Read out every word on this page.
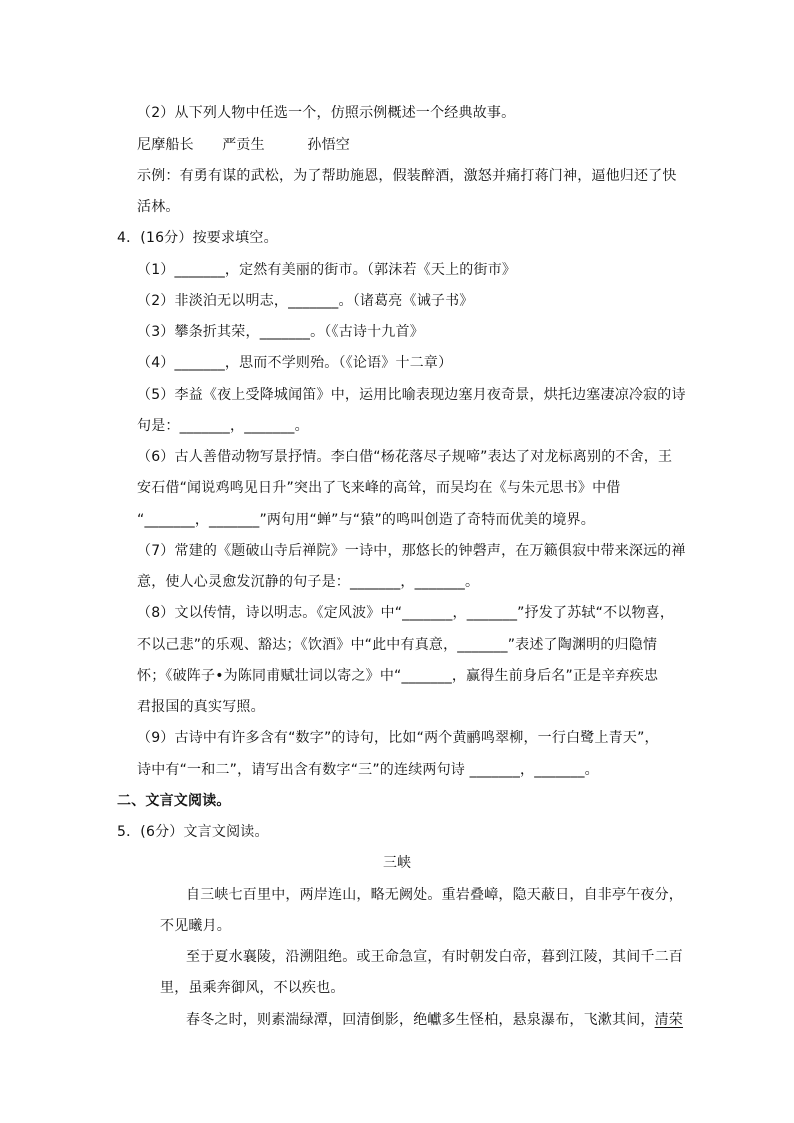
（2）从下列人物中任选一个，仿照示例概述一个经典故事。
尼摩船长　　严贡生　　　孙悟空
示例：有勇有谋的武松，为了帮助施恩，假装醉酒，激怒并痛打蒋门神，逼他归还了快
活林。
4．(16分）按要求填空。
（1）_______，定然有美丽的街市。（郭沫若《天上的街市》
（2）非淡泊无以明志，_______。（诸葛亮《诫子书》
（3）攀条折其荣，_______。（《古诗十九首》
（4）_______，思而不学则殆。（《论语》十二章）
（5）李益《夜上受降城闻笛》中，运用比喻表现边塞月夜奇景，烘托边塞凄凉冷寂的诗
句是：_______，_______。
（6）古人善借动物写景抒情。李白借“杨花落尽子规啼”表达了对龙标离别的不舍，王
安石借“闻说鸡鸣见日升”突出了飞来峰的高耸，而吴均在《与朱元思书》中借
“_______，_______”两句用“蝉”与“猿”的鸣叫创造了奇特而优美的境界。
（7）常建的《题破山寺后禅院》一诗中，那悠长的钟磬声，在万籁俱寂中带来深远的禅
意，使人心灵愈发沉静的句子是：_______，_______。
（8）文以传情，诗以明志。《定风波》中“_______，_______”抒发了苏轼“不以物喜，
不以己悲”的乐观、豁达；《饮酒》中“此中有真意，_______”表述了陶渊明的归隐情
怀；《破阵子•为陈同甫赋壮词以寄之》中“_______，赢得生前身后名”正是辛弃疾忠
君报国的真实写照。
（9）古诗中有许多含有“数字”的诗句，比如“两个黄鹂鸣翠柳，一行白鹭上青天”，
诗中有“一和二”，请写出含有数字“三”的连续两句诗 _______，_______。
二、文言文阅读。
5．(6分）文言文阅读。
三峡
自三峡七百里中，两岸连山，略无阙处。重岩叠嶂，隐天蔽日，自非亭午夜分，
不见曦月。
至于夏水襄陵，沿溯阻绝。或王命急宣，有时朝发白帝，暮到江陵，其间千二百
里，虽乘奔御风，不以疾也。
春冬之时，则素湍绿潭，回清倒影，绝巘多生怪柏，悬泉瀑布，飞漱其间，清荣
